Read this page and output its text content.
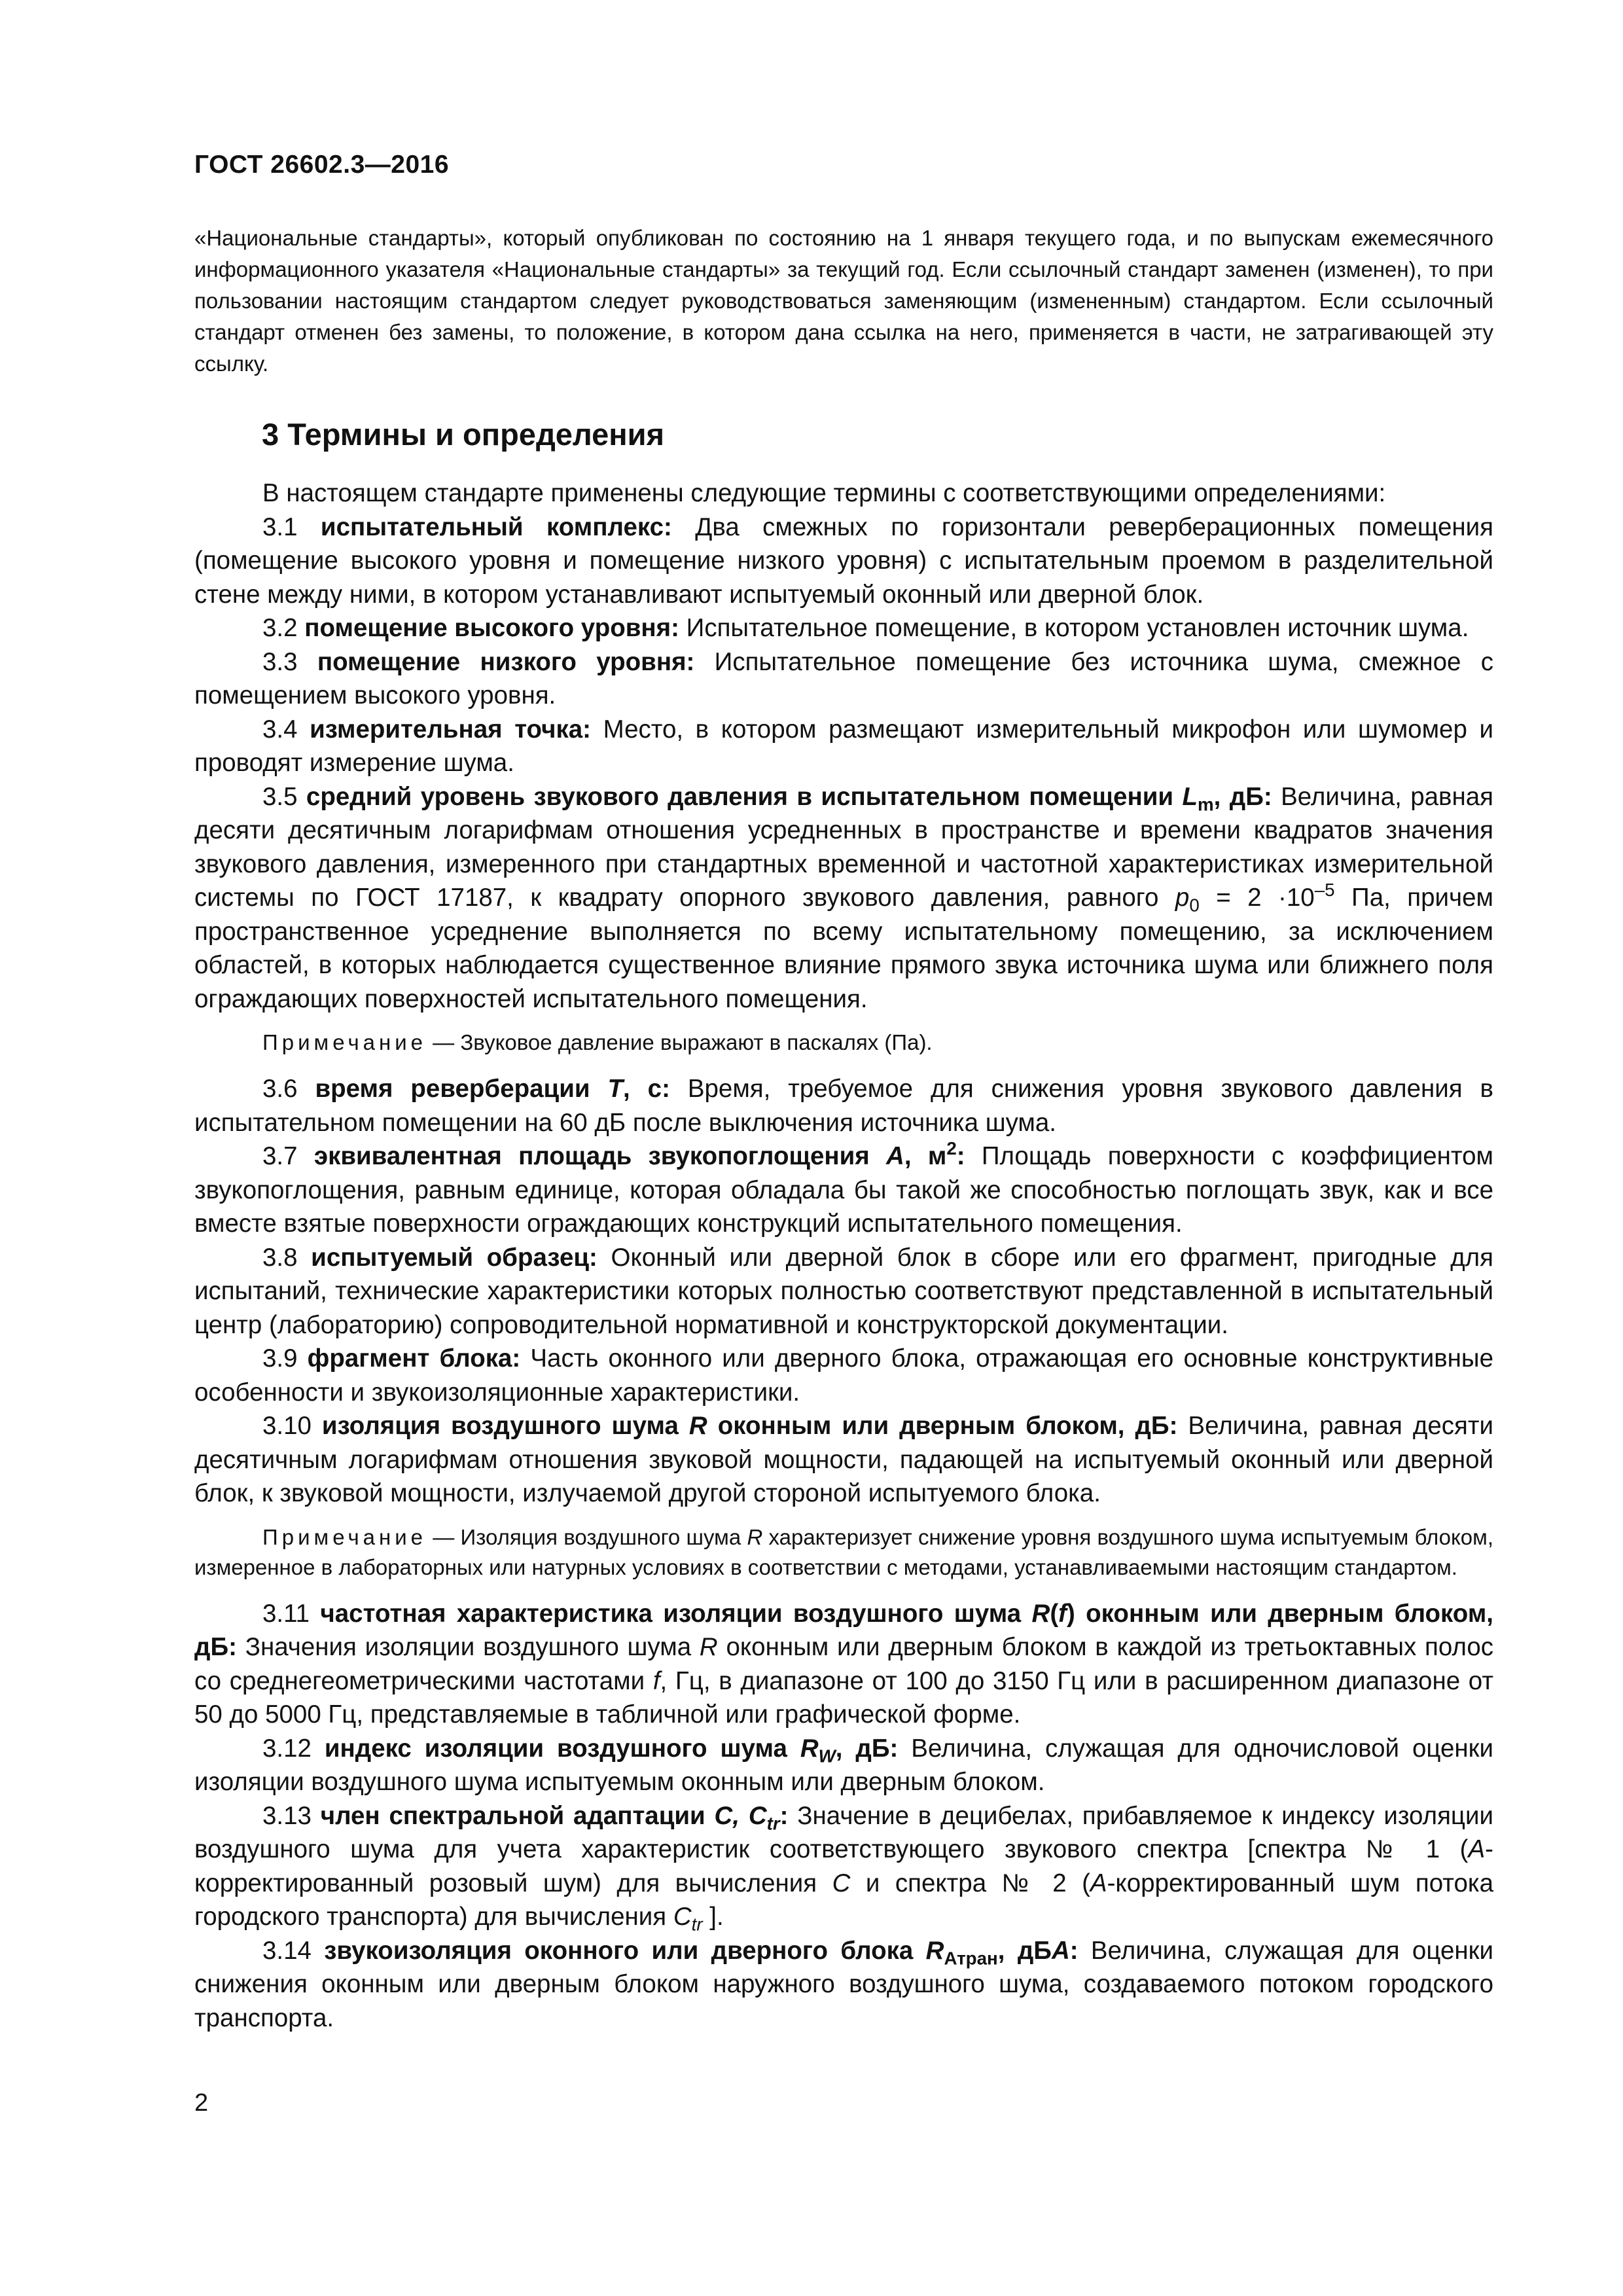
ГОСТ 26602.3—2016

«Национальные стандарты», который опубликован по состоянию на 1 января текущего года, и по выпускам ежемесячного информационного указателя «Национальные стандарты» за текущий год. Если ссылочный стандарт заменен (изменен), то при пользовании настоящим стандартом следует руководствоваться заменяющим (измененным) стандартом. Если ссылочный стандарт отменен без замены, то положение, в котором дана ссылка на него, применяется в части, не затрагивающей эту ссылку.

3 Термины и определения

В настоящем стандарте применены следующие термины с соответствующими определениями:

3.1 испытательный комплекс: Два смежных по горизонтали реверберационных помещения (помещение высокого уровня и помещение низкого уровня) с испытательным проемом в разделительной стене между ними, в котором устанавливают испытуемый оконный или дверной блок.

3.2 помещение высокого уровня: Испытательное помещение, в котором установлен источник шума.

3.3 помещение низкого уровня: Испытательное помещение без источника шума, смежное с помещением высокого уровня.

3.4 измерительная точка: Место, в котором размещают измерительный микрофон или шумомер и проводят измерение шума.

3.5 средний уровень звукового давления в испытательном помещении $L_m$, дБ: Величина, равная десяти десятичным логарифмам отношения усредненных в пространстве и времени квадратов значения звукового давления, измеренного при стандартных временной и частотной характеристиках измерительной системы по ГОСТ 17187, к квадрату опорного звукового давления, равного $p_0 = 2 \cdot 10^{-5}$ Па, причем пространственное усреднение выполняется по всему испытательному помещению, за исключением областей, в которых наблюдается существенное влияние прямого звука источника шума или ближнего поля ограждающих поверхностей испытательного помещения.

Примечание — Звуковое давление выражают в паскалях (Па).

3.6 время реверберации T, с: Время, требуемое для снижения уровня звукового давления в испытательном помещении на 60 дБ после выключения источника шума.

3.7 эквивалентная площадь звукопоглощения A, $м^2$: Площадь поверхности с коэффициентом звукопоглощения, равным единице, которая обладала бы такой же способностью поглощать звук, как и все вместе взятые поверхности ограждающих конструкций испытательного помещения.

3.8 испытуемый образец: Оконный или дверной блок в сборе или его фрагмент, пригодные для испытаний, технические характеристики которых полностью соответствуют представленной в испытательный центр (лабораторию) сопроводительной нормативной и конструкторской документации.

3.9 фрагмент блока: Часть оконного или дверного блока, отражающая его основные конструктивные особенности и звукоизоляционные характеристики.

3.10 изоляция воздушного шума R оконным или дверным блоком, дБ: Величина, равная десяти десятичным логарифмам отношения звуковой мощности, падающей на испытуемый оконный или дверной блок, к звуковой мощности, излучаемой другой стороной испытуемого блока.

Примечание — Изоляция воздушного шума R характеризует снижение уровня воздушного шума испытуемым блоком, измеренное в лабораторных или натурных условиях в соответствии с методами, устанавливаемыми настоящим стандартом.

3.11 частотная характеристика изоляции воздушного шума R(f) оконным или дверным блоком, дБ: Значения изоляции воздушного шума R оконным или дверным блоком в каждой из третьоктавных полос со среднегеометрическими частотами f, Гц, в диапазоне от 100 до 3150 Гц или в расширенном диапазоне от 50 до 5000 Гц, представляемые в табличной или графической форме.

3.12 индекс изоляции воздушного шума $R_W$, дБ: Величина, служащая для одночисловой оценки изоляции воздушного шума испытуемым оконным или дверным блоком.

3.13 член спектральной адаптации C, $C_{tr}$: Значение в децибелах, прибавляемое к индексу изоляции воздушного шума для учета характеристик соответствующего звукового спектра [спектра № 1 (A-корректированный розовый шум) для вычисления C и спектра № 2 (A-корректированный шум потока городского транспорта) для вычисления $C_{tr}$ ].

3.14 звукоизоляция оконного или дверного блока $R_{Атран}$, дБА: Величина, служащая для оценки снижения оконным или дверным блоком наружного воздушного шума, создаваемого потоком городского транспорта.

2
